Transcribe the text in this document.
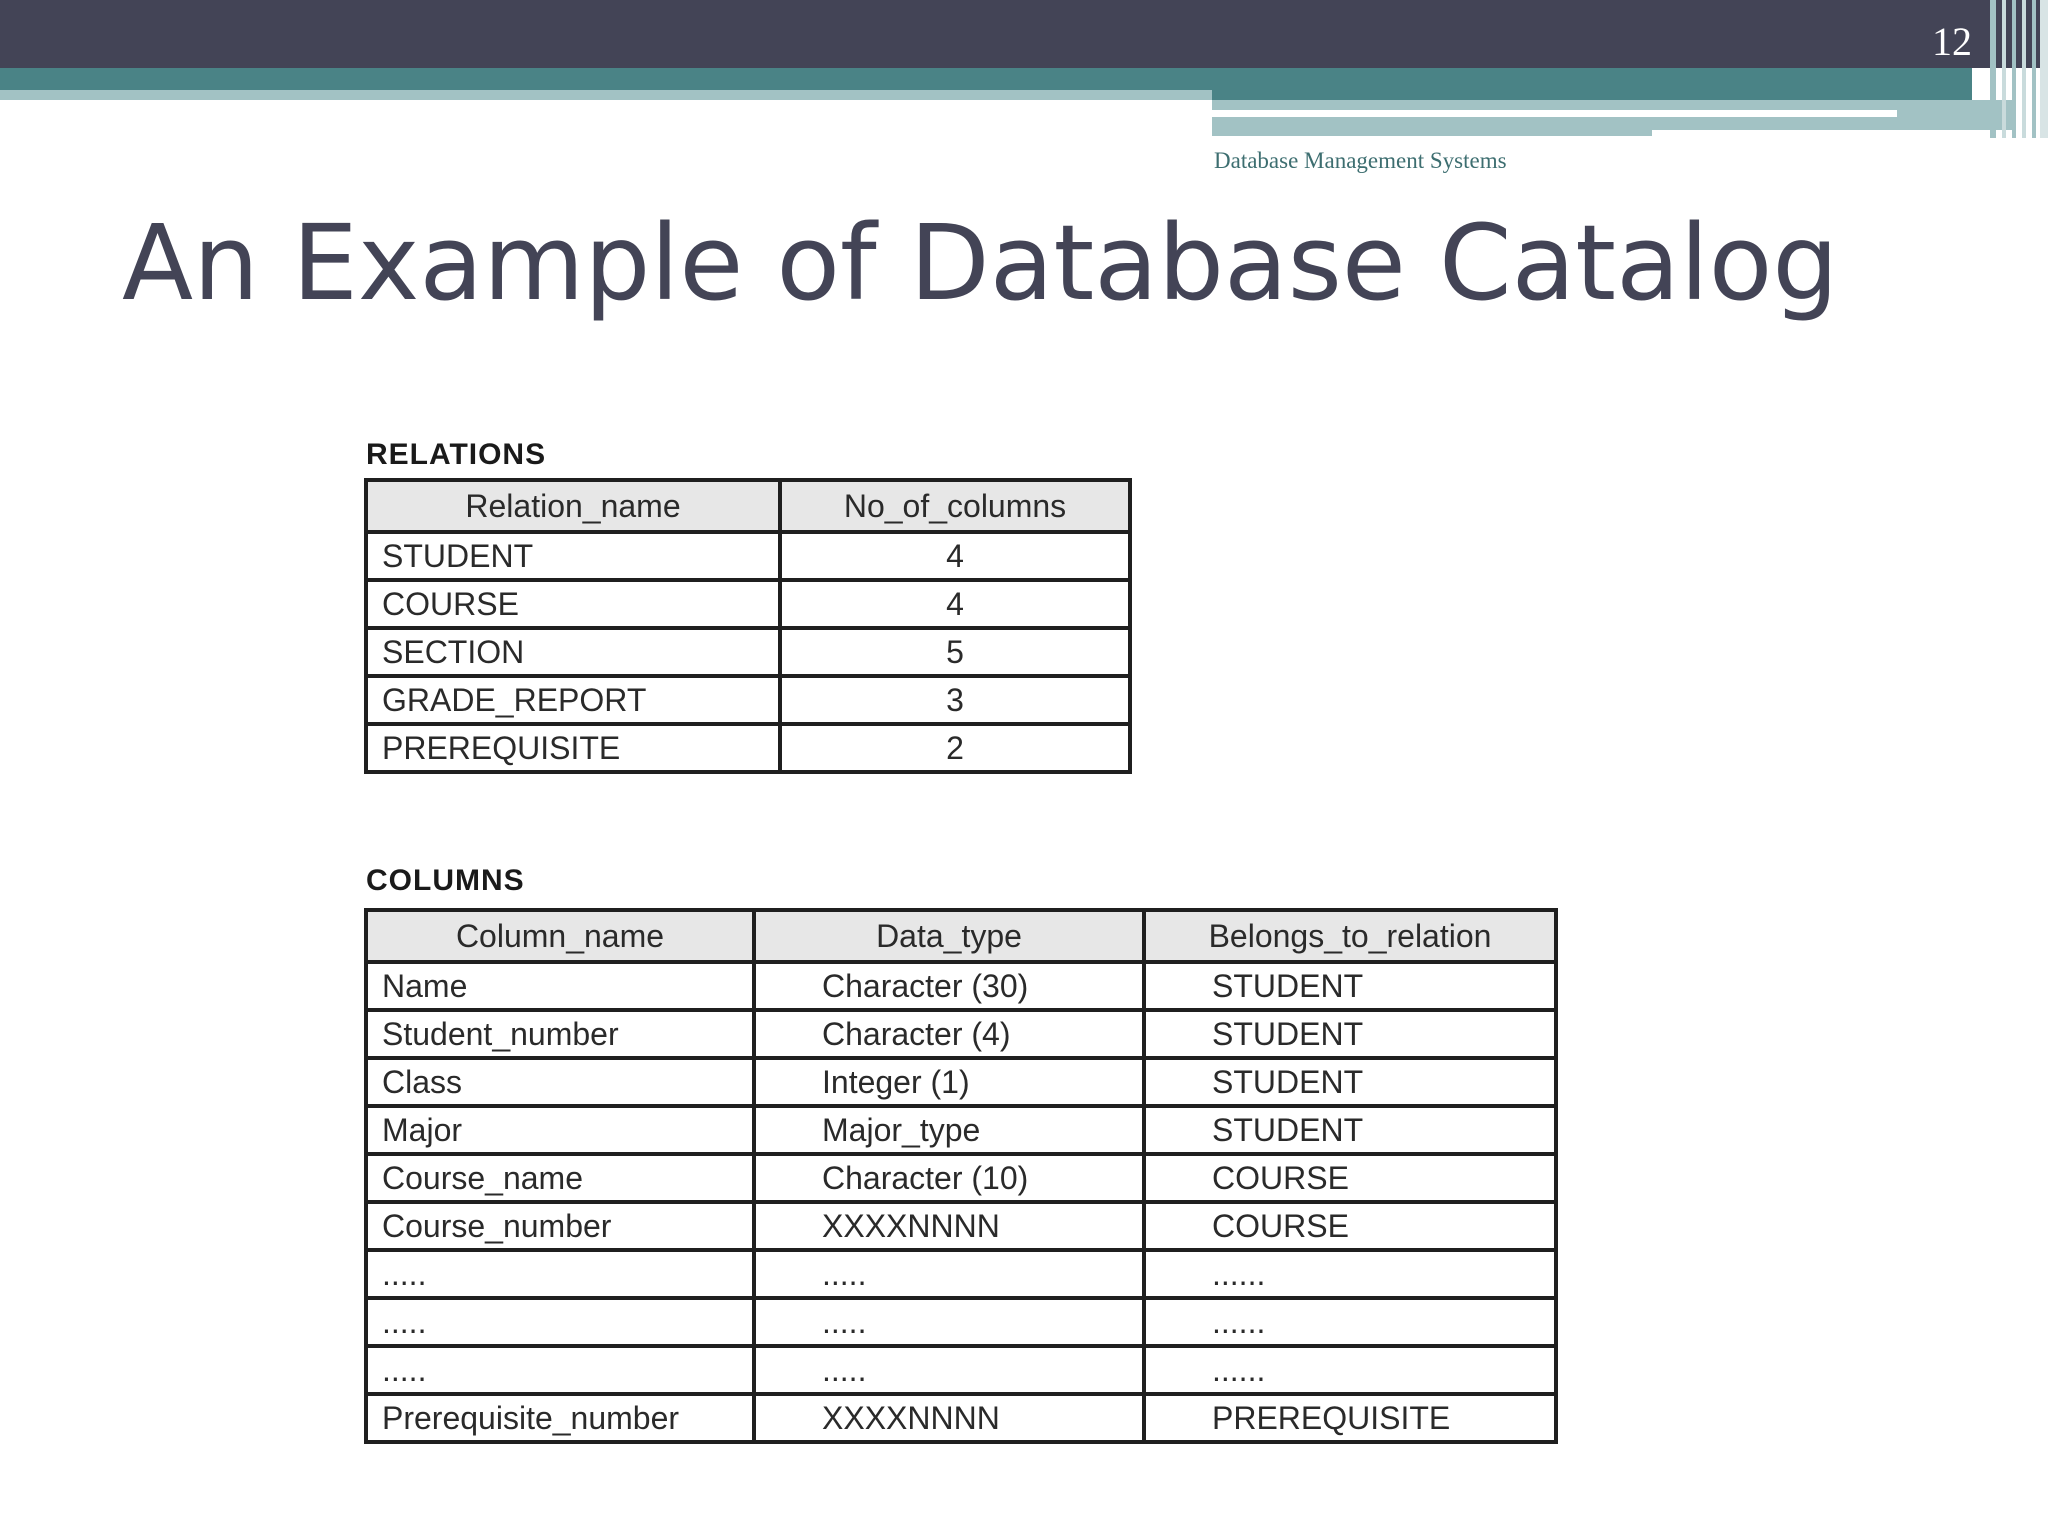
12
Database Management Systems
An Example of Database Catalog
RELATIONS
Relation_name	No_of_columns
STUDENT	4
COURSE	4
SECTION	5
GRADE_REPORT	3
PREREQUISITE	2
COLUMNS
Column_name	Data_type	Belongs_to_relation
Name	Character (30)	STUDENT
Student_number	Character (4)	STUDENT
Class	Integer (1)	STUDENT
Major	Major_type	STUDENT
Course_name	Character (10)	COURSE
Course_number	XXXXNNNN	COURSE
.....	.....	......
.....	.....	......
.....	.....	......
Prerequisite_number	XXXXNNNN	PREREQUISITE
